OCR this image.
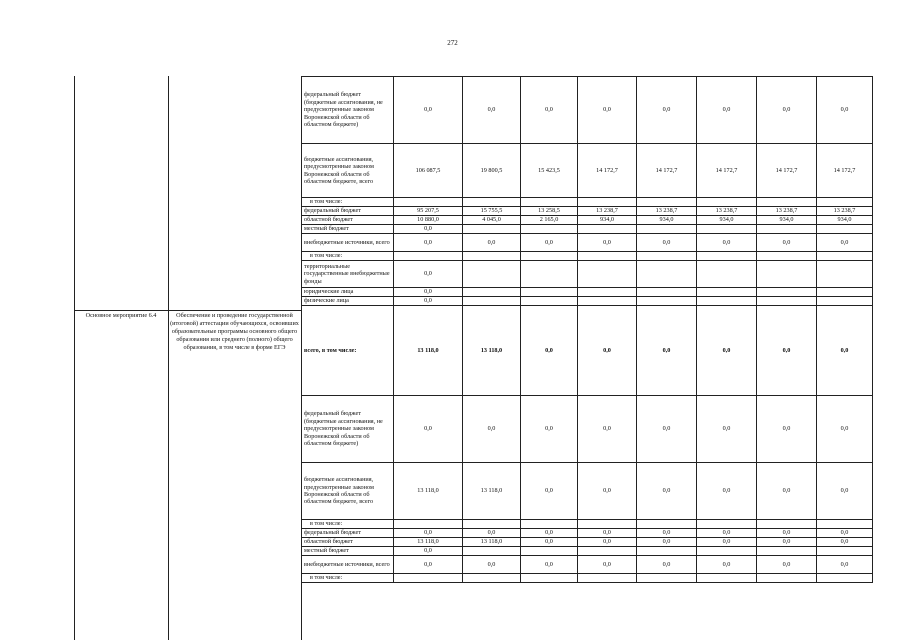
272
Основное мероприятие 6.4	Обеспечение и проведение государственной (итоговой) аттестации обучающихся, освоивших образовательные программы основного общего образования или среднего (полного) общего образования, в том числе в форме ЕГЭ
федеральный бюджет (бюджетные ассигнования, не предусмотренные законом Воронежской области об областном бюджете)	0,0	0,0	0,0	0,0	0,0	0,0	0,0	0,0
бюджетные ассигнования, предусмотренные законом Воронежской области об областном бюджете, всего	106 087,5	19 800,5	15 423,5	14 172,7	14 172,7	14 172,7	14 172,7	14 172,7
в том числе:								
федеральный бюджет	95 207,5	15 755,5	13 258,5	13 238,7	13 238,7	13 238,7	13 238,7	13 238,7
областной бюджет	10 880,0	4 045,0	2 165,0	934,0	934,0	934,0	934,0	934,0
местный бюджет	0,0							
внебюджетные источники, всего	0,0	0,0	0,0	0,0	0,0	0,0	0,0	0,0
в том числе:								
территориальные государственные внебюджетные фонды	0,0							
юридические лица	0,0							
физические лица	0,0							
всего, в том числе:	13 118,0	13 118,0	0,0	0,0	0,0	0,0	0,0	0,0
федеральный бюджет (бюджетные ассигнования, не предусмотренные законом Воронежской области об областном бюджете)	0,0	0,0	0,0	0,0	0,0	0,0	0,0	0,0
бюджетные ассигнования, предусмотренные законом Воронежской области об областном бюджете, всего	13 118,0	13 118,0	0,0	0,0	0,0	0,0	0,0	0,0
в том числе:								
федеральный бюджет	0,0	0,0	0,0	0,0	0,0	0,0	0,0	0,0
областной бюджет	13 118,0	13 118,0	0,0	0,0	0,0	0,0	0,0	0,0
местный бюджет	0,0							
внебюджетные источники, всего	0,0	0,0	0,0	0,0	0,0	0,0	0,0	0,0
в том числе:								
